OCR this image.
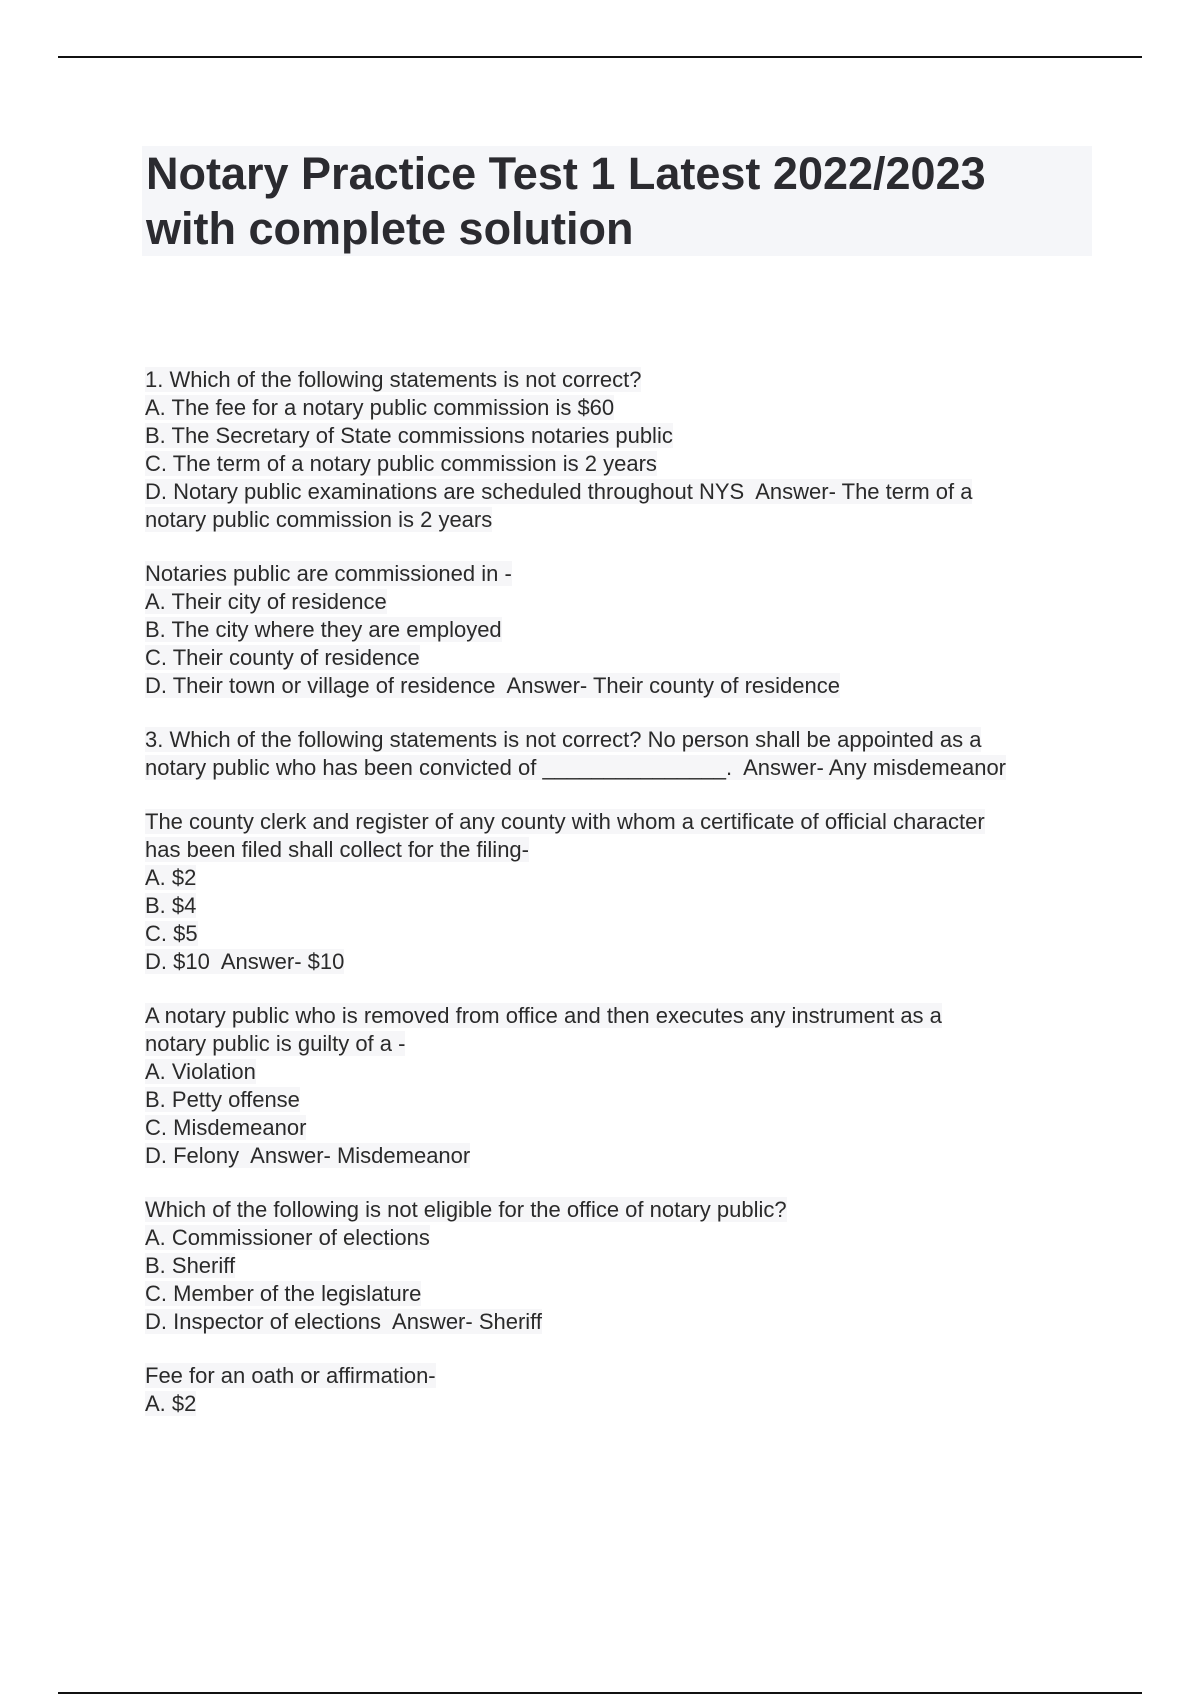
Notary Practice Test 1 Latest 2022/2023
with complete solution
1. Which of the following statements is not correct?
A. The fee for a notary public commission is $60
B. The Secretary of State commissions notaries public
C. The term of a notary public commission is 2 years
D. Notary public examinations are scheduled throughout NYS  Answer- The term of a
notary public commission is 2 years
Notaries public are commissioned in -
A. Their city of residence
B. The city where they are employed
C. Their county of residence
D. Their town or village of residence  Answer- Their county of residence
3. Which of the following statements is not correct? No person shall be appointed as a
notary public who has been convicted of _______________.  Answer- Any misdemeanor
The county clerk and register of any county with whom a certificate of official character
has been filed shall collect for the filing-
A. $2
B. $4
C. $5
D. $10  Answer- $10
A notary public who is removed from office and then executes any instrument as a
notary public is guilty of a -
A. Violation
B. Petty offense
C. Misdemeanor
D. Felony  Answer- Misdemeanor
Which of the following is not eligible for the office of notary public?
A. Commissioner of elections
B. Sheriff
C. Member of the legislature
D. Inspector of elections  Answer- Sheriff
Fee for an oath or affirmation-
A. $2
